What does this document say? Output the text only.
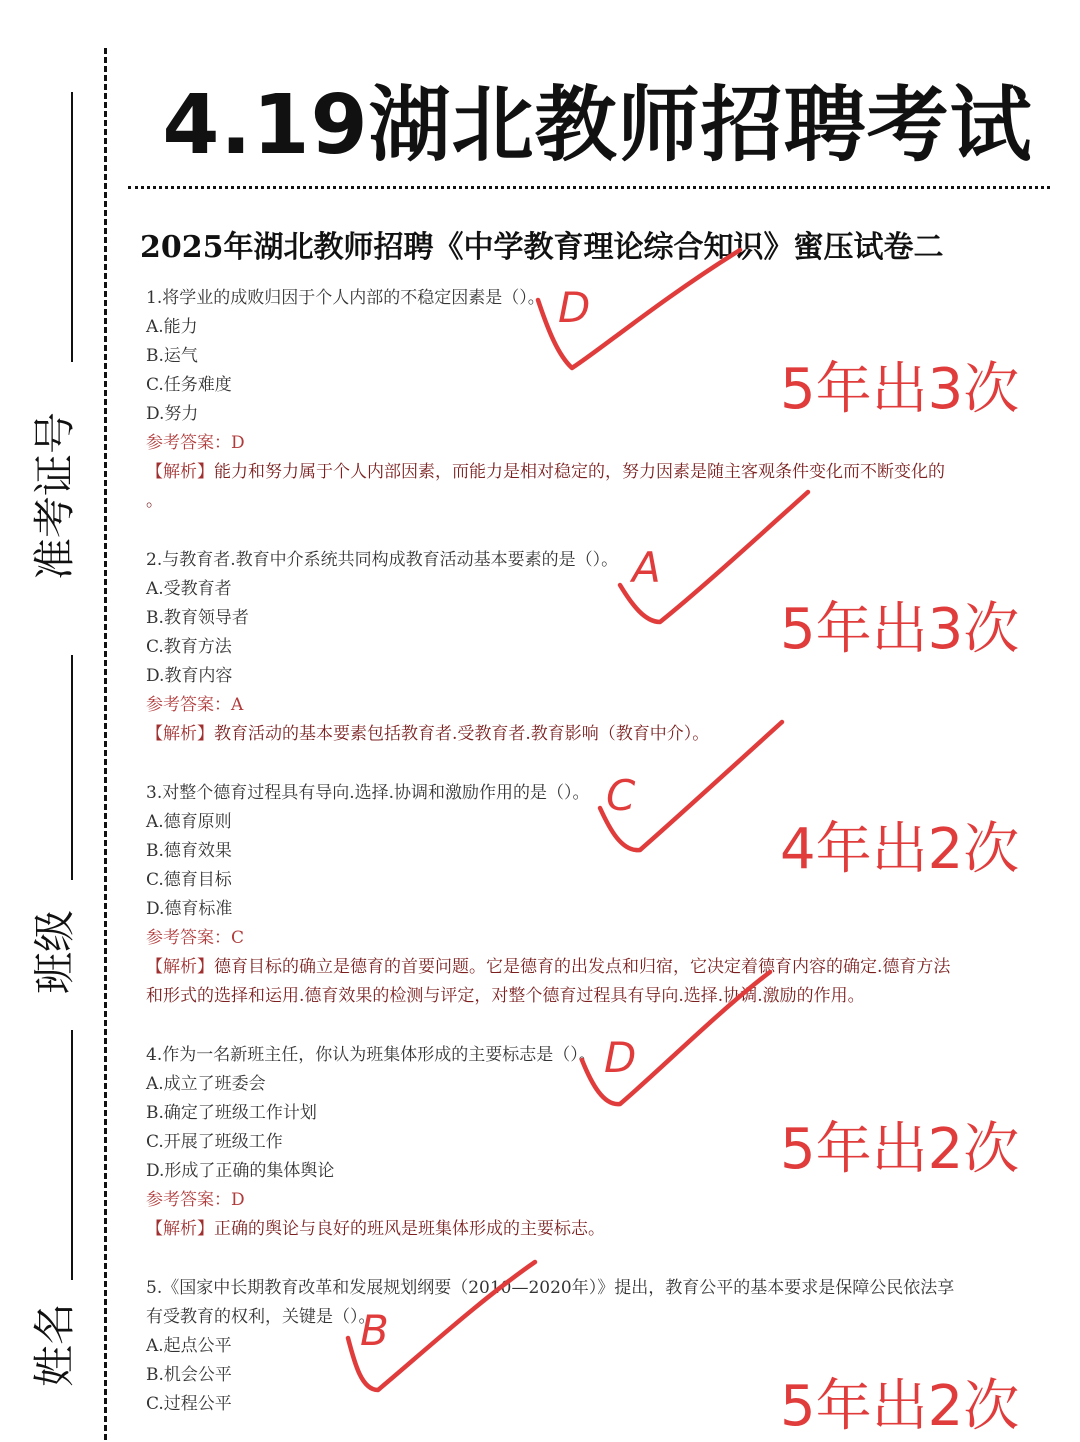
准考证号
班级
姓名
4.19湖北教师招聘考试
2025年湖北教师招聘《中学教育理论综合知识》蜜压试卷二
1.将学业的成败归因于个人内部的不稳定因素是（）。
A.能力
B.运气
C.任务难度
D.努力
参考答案：D
【解析】能力和努力属于个人内部因素，而能力是相对稳定的，努力因素是随主客观条件变化而不断变化的
。
2.与教育者.教育中介系统共同构成教育活动基本要素的是（）。
A.受教育者
B.教育领导者
C.教育方法
D.教育内容
参考答案：A
【解析】教育活动的基本要素包括教育者.受教育者.教育影响（教育中介）。
3.对整个德育过程具有导向.选择.协调和激励作用的是（）。
A.德育原则
B.德育效果
C.德育目标
D.德育标准
参考答案：C
【解析】德育目标的确立是德育的首要问题。它是德育的出发点和归宿，它决定着德育内容的确定.德育方法
和形式的选择和运用.德育效果的检测与评定，对整个德育过程具有导向.选择.协调.激励的作用。
4.作为一名新班主任，你认为班集体形成的主要标志是（）。
A.成立了班委会
B.确定了班级工作计划
C.开展了班级工作
D.形成了正确的集体舆论
参考答案：D
【解析】正确的舆论与良好的班风是班集体形成的主要标志。
5.《国家中长期教育改革和发展规划纲要（2010—2020年）》提出，教育公平的基本要求是保障公民依法享
有受教育的权利，关键是（）。
A.起点公平
B.机会公平
C.过程公平
D
A
C
D
B
5年出3次
5年出3次
4年出2次
5年出2次
5年出2次
